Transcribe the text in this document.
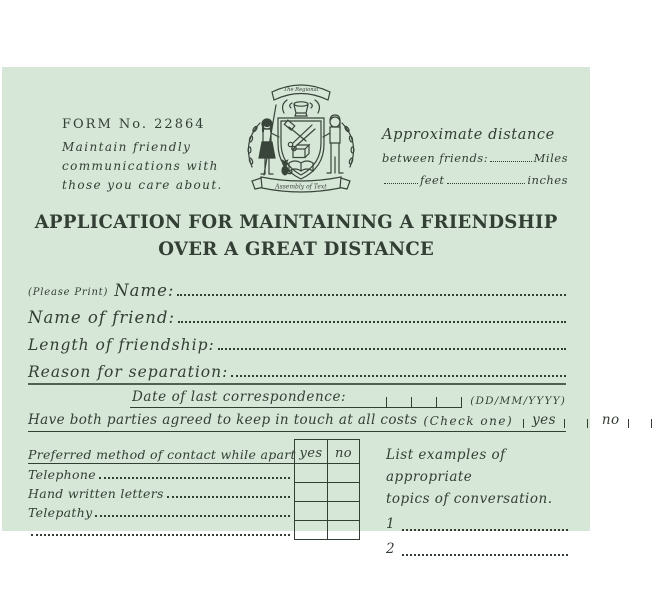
FORM No. 22864
Maintain friendly
communications with
those you care about.
The Regional
Assembly of Text
Approximate distance
between friends:	Miles
feet	inches
APPLICATION FOR MAINTAINING A FRIENDSHIP
OVER A GREAT DISTANCE
(Please Print) Name:
Name of friend:
Length of friendship:
Reason for separation:
Date of last correspondence:	(DD/MM/YYYY)
Have both parties agreed to keep in touch at all costs (Check one) yes	no
Preferred method of contact while apart yes no
Telephone
Hand written letters
Telepathy
List examples of appropriate
topics of conversation.
1
2
